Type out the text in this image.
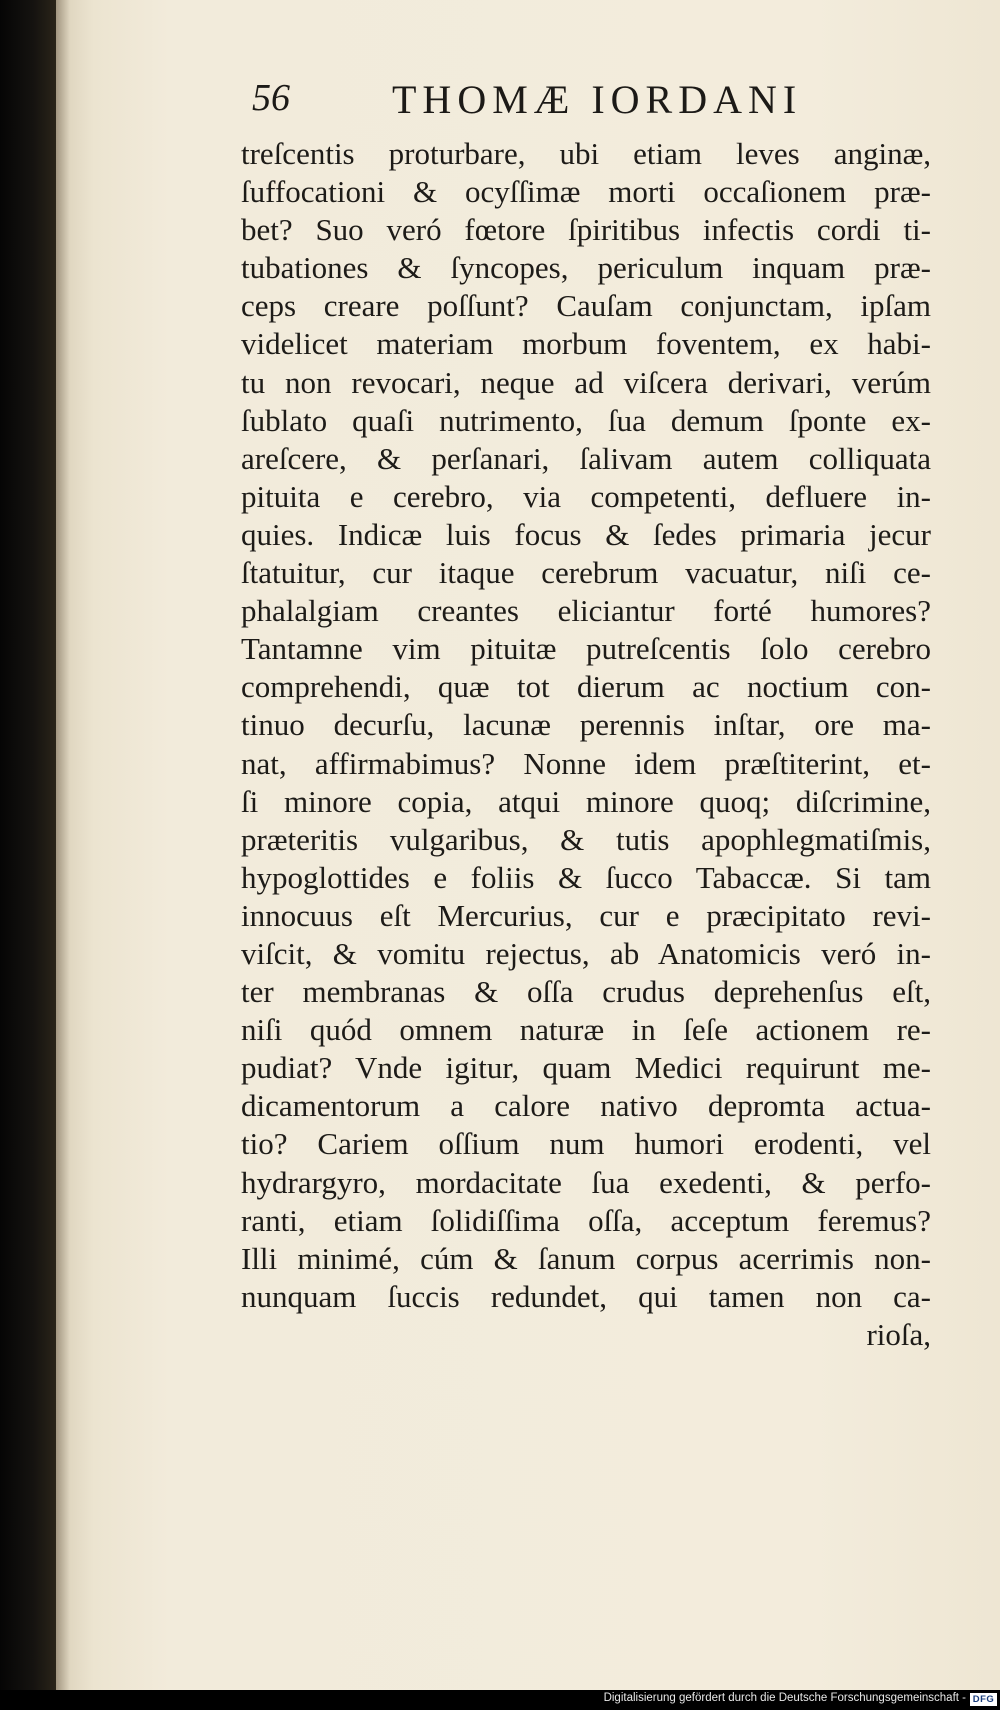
56	THOMÆ IORDANI
treſcentis proturbare, ubi etiam leves anginæ,
ſuffocationi & ocyſſimæ morti occaſionem præ-
bet? Suo veró fœtore ſpiritibus infectis cordi ti-
tubationes & ſyncopes, periculum inquam præ-
ceps creare poſſunt? Cauſam conjunctam, ipſam
videlicet materiam morbum foventem, ex habi-
tu non revocari, neque ad viſcera derivari, verúm
ſublato quaſi nutrimento, ſua demum ſponte ex-
areſcere, & perſanari, ſalivam autem colliquata
pituita e cerebro, via competenti, defluere in-
quies. Indicæ luis focus & ſedes primaria jecur
ſtatuitur, cur itaque cerebrum vacuatur, niſi ce-
phalalgiam creantes eliciantur forté humores?
Tantamne vim pituitæ putreſcentis ſolo cerebro
comprehendi, quæ tot dierum ac noctium con-
tinuo decurſu, lacunæ perennis inſtar, ore ma-
nat, affirmabimus? Nonne idem præſtiterint, et-
ſi minore copia, atqui minore quoq; diſcrimine,
præteritis vulgaribus, & tutis apophlegmatiſmis,
hypoglottides e foliis & ſucco Tabaccæ. Si tam
innocuus eſt Mercurius, cur e præcipitato revi-
viſcit, & vomitu rejectus, ab Anatomicis veró in-
ter membranas & oſſa crudus deprehenſus eſt,
niſi quód omnem naturæ in ſeſe actionem re-
pudiat? Vnde igitur, quam Medici requirunt me-
dicamentorum a calore nativo depromta actua-
tio? Cariem oſſium num humori erodenti, vel
hydrargyro, mordacitate ſua exedenti, & perfo-
ranti, etiam ſolidiſſima oſſa, acceptum feremus?
Illi minimé, cúm & ſanum corpus acerrimis non-
nunquam ſuccis redundet, qui tamen non ca-
rioſa,
Digitalisierung gefördert durch die Deutsche Forschungsgemeinschaft - DFG
